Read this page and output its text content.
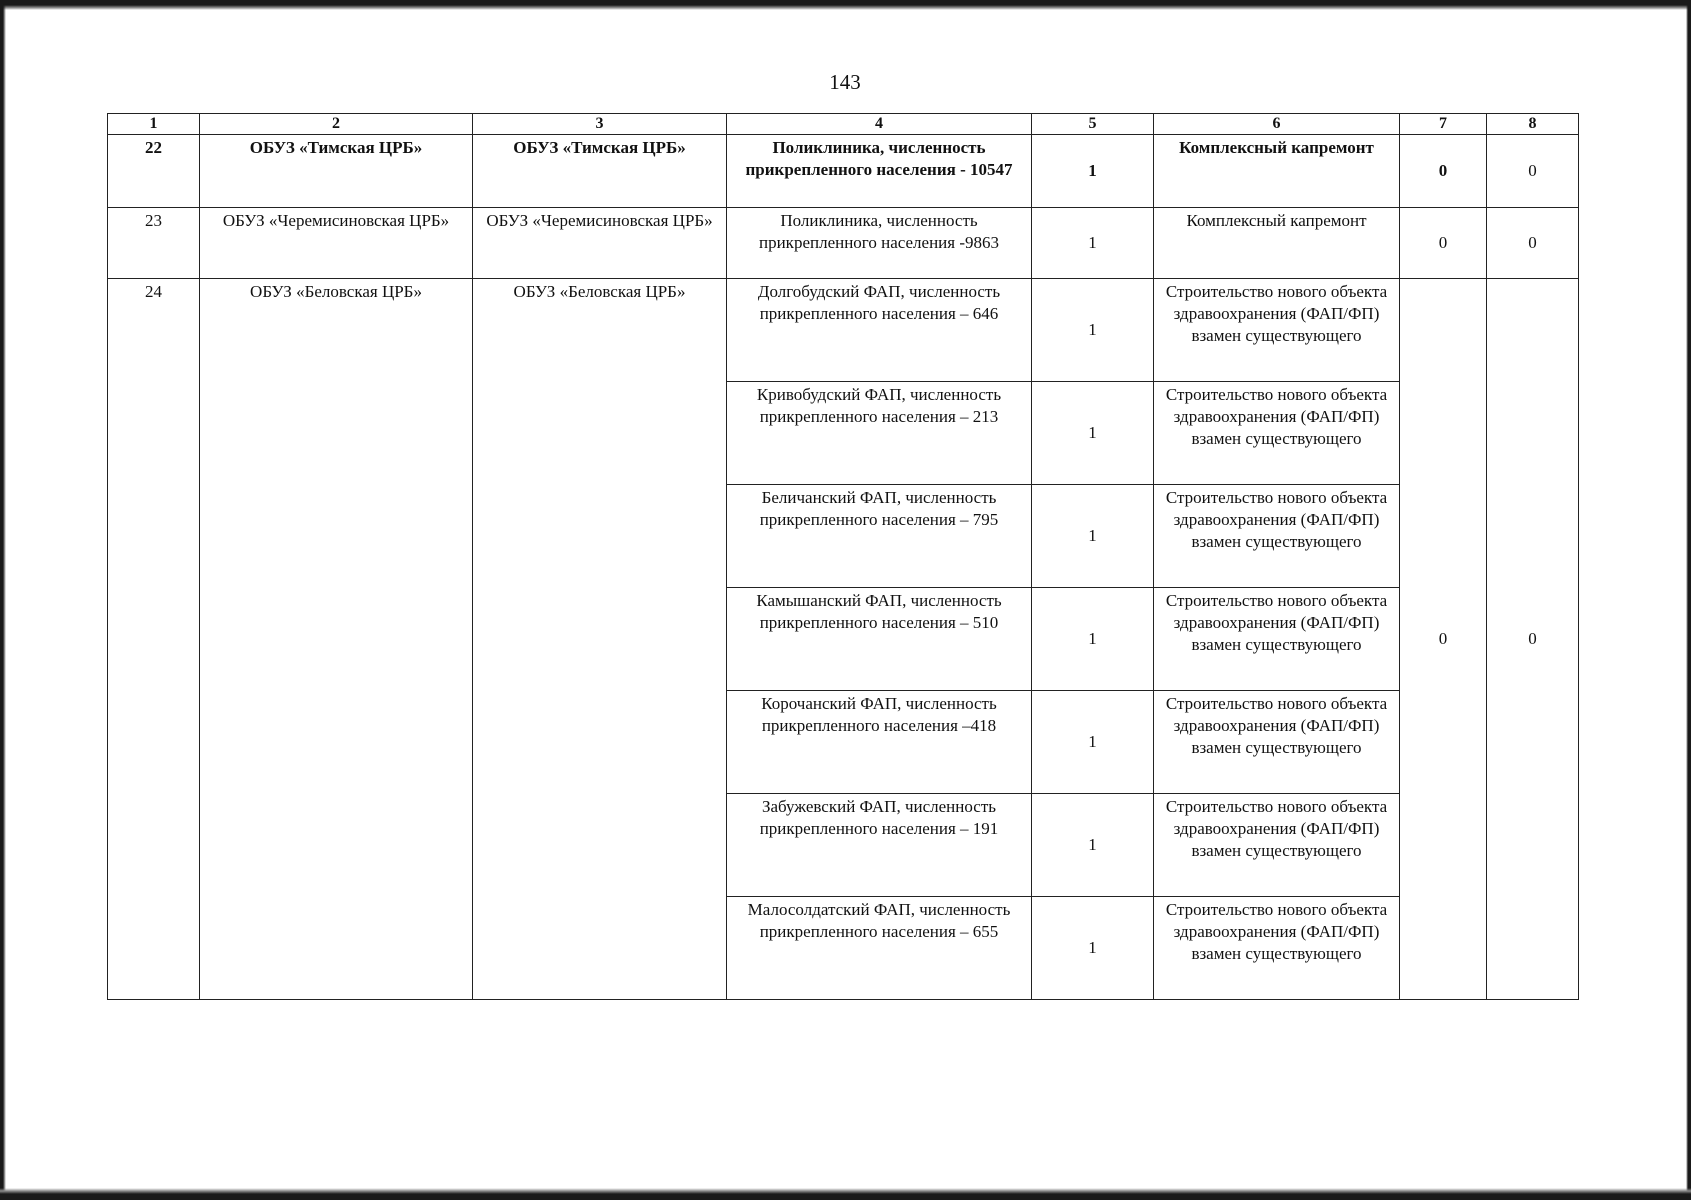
143
1	2	3	4	5	6	7	8
22	ОБУЗ «Тимская ЦРБ»	ОБУЗ «Тимская ЦРБ»	Поликлиника, численность прикрепленного населения - 10547	1	Комплексный капремонт	0	0
23	ОБУЗ «Черемисиновская ЦРБ»	ОБУЗ «Черемисиновская ЦРБ»	Поликлиника, численность прикрепленного населения -9863	1	Комплексный капремонт	0	0
24	ОБУЗ «Беловская ЦРБ»	ОБУЗ «Беловская ЦРБ»	Долгобудский ФАП, численность прикрепленного населения – 646	1	Строительство нового объекта здравоохранения (ФАП/ФП) взамен существующего	0	0
			Кривобудский ФАП, численность прикрепленного населения – 213	1	Строительство нового объекта здравоохранения (ФАП/ФП) взамен существующего		
			Беличанский ФАП, численность прикрепленного населения – 795	1	Строительство нового объекта здравоохранения (ФАП/ФП) взамен существующего		
			Камышанский ФАП, численность прикрепленного населения – 510	1	Строительство нового объекта здравоохранения (ФАП/ФП) взамен существующего		
			Корочанский ФАП, численность прикрепленного населения –418	1	Строительство нового объекта здравоохранения (ФАП/ФП) взамен существующего		
			Забужевский ФАП, численность прикрепленного населения – 191	1	Строительство нового объекта здравоохранения (ФАП/ФП) взамен существующего		
			Малосолдатский ФАП, численность прикрепленного населения – 655	1	Строительство нового объекта здравоохранения (ФАП/ФП) взамен существующего		
